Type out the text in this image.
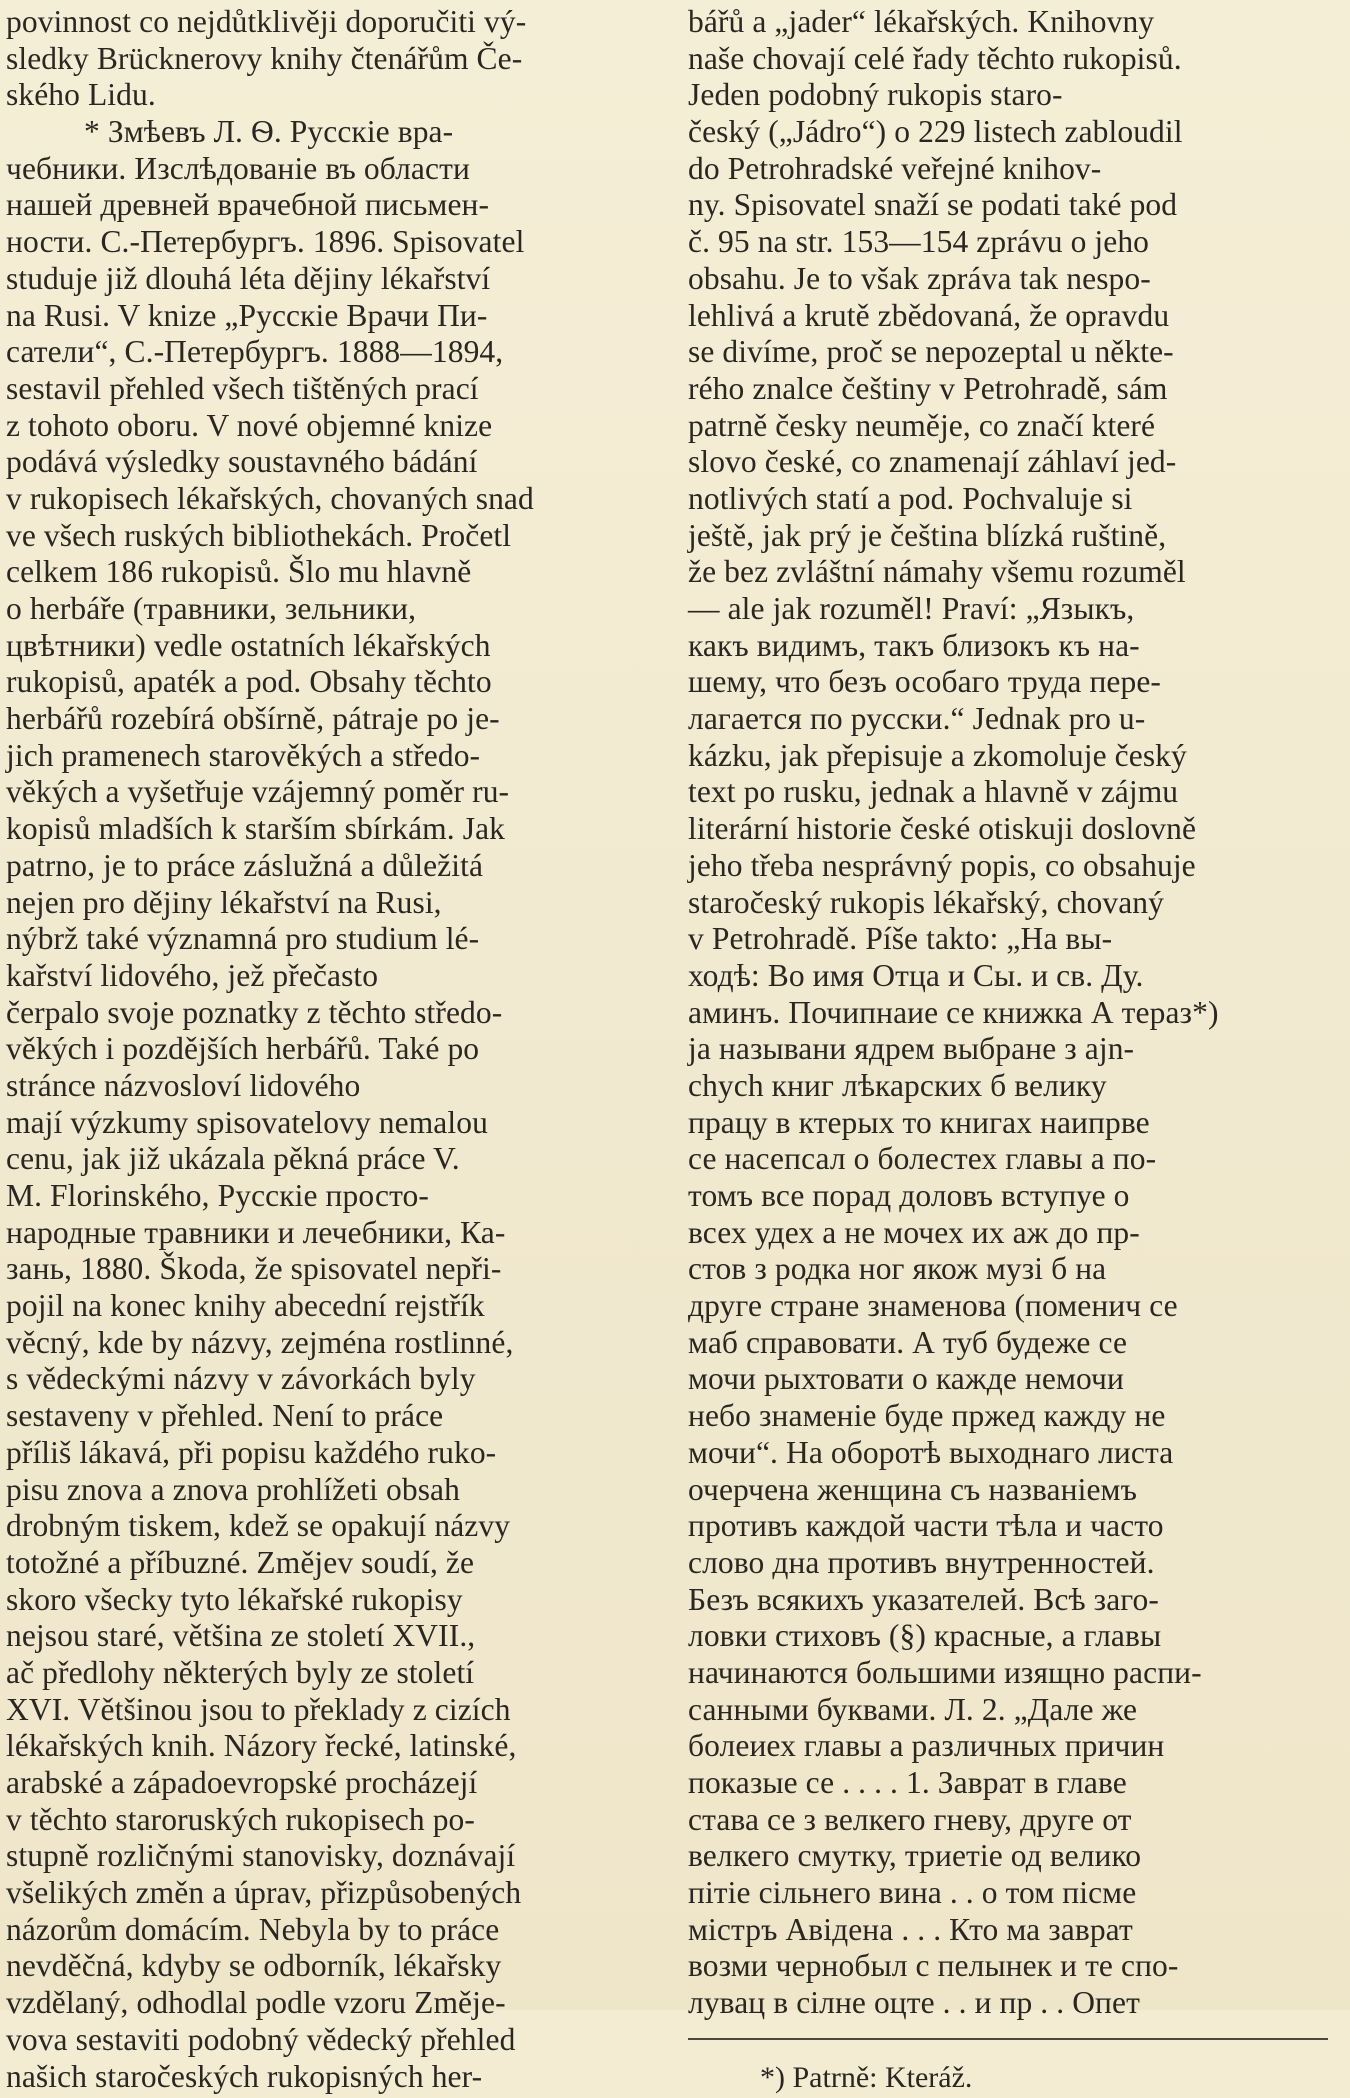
povinnost co nejdůtklivěji doporučiti vý-
sledky Brücknerovy knihy čtenářům Če-
ského Lidu.
* Змѣевъ Л. Ѳ. Русскіе вра-
чебники. Изслѣдованіе въ области
нашей древней врачебной письмен-
ности. С.-Петербургъ. 1896. Spisovatel
studuje již dlouhá léta dějiny lékařství
na Rusi. V knize „Русскіе Врачи Пи-
сатели“, С.-Петербургъ. 1888—1894,
sestavil přehled všech tištěných prací
z tohoto oboru. V nové objemné knize
podává výsledky soustavného bádání
v rukopisech lékařských, chovaných snad
ve všech ruských bibliothekách. Pročetl
celkem 186 rukopisů. Šlo mu hlavně
o herbáře (травники, зельники,
цвѣтники) vedle ostatních lékařských
rukopisů, apaték a pod. Obsahy těchto
herbářů rozebírá obšírně, pátraje po je-
jich pramenech starověkých a středo-
věkých a vyšetřuje vzájemný poměr ru-
kopisů mladších k starším sbírkám. Jak
patrno, je to práce záslužná a důležitá
nejen pro dějiny lékařství na Rusi,
nýbrž také významná pro studium lé-
kařství lidového, jež přečasto
čerpalo svoje poznatky z těchto středo-
věkých i pozdějších herbářů. Také po
stránce názvosloví lidového
mají výzkumy spisovatelovy nemalou
cenu, jak již ukázala pěkná práce V.
M. Florinského, Русскіе просто-
народные травники и лечебники, Ка-
зань, 1880. Škoda, že spisovatel nepři-
pojil na konec knihy abecední rejstřík
věcný, kde by názvy, zejména rostlinné,
s vědeckými názvy v závorkách byly
sestaveny v přehled. Není to práce
příliš lákavá, při popisu každého ruko-
pisu znova a znova prohlížeti obsah
drobným tiskem, kdež se opakují názvy
totožné a příbuzné. Změjev soudí, že
skoro všecky tyto lékařské rukopisy
nejsou staré, většina ze století XVII.,
ač předlohy některých byly ze století
XVI. Většinou jsou to překlady z cizích
lékařských knih. Názory řecké, latinské,
arabské a západoevropské procházejí
v těchto staroruských rukopisech po-
stupně rozličnými stanovisky, doznávají
všelikých změn a úprav, přizpůsobených
názorům domácím. Nebyla by to práce
nevděčná, kdyby se odborník, lékařsky
vzdělaný, odhodlal podle vzoru Změje-
vova sestaviti podobný vědecký přehled
našich staročeských rukopisných her-
bářů a „jader“ lékařských. Knihovny
naše chovají celé řady těchto rukopisů.
Jeden podobný rukopis staro-
český („Jádro“) o 229 listech zabloudil
do Petrohradské veřejné knihov-
ny. Spisovatel snaží se podati také pod
č. 95 na str. 153—154 zprávu o jeho
obsahu. Je to však zpráva tak nespo-
lehlivá a krutě zbědovaná, že opravdu
se divíme, proč se nepozeptal u někte-
rého znalce češtiny v Petrohradě, sám
patrně česky neuměje, co značí které
slovo české, co znamenají záhlaví jed-
notlivých statí a pod. Pochvaluje si
ještě, jak prý je čeština blízká ruštině,
že bez zvláštní námahy všemu rozuměl
— ale jak rozuměl! Praví: „Языкъ,
какъ видимъ, такъ близокъ къ на-
шему, что безъ особаго труда пере-
лагается по русски.“ Jednak pro u-
kázku, jak přepisuje a zkomoluje český
text po rusku, jednak a hlavně v zájmu
literární historie české otiskuji doslovně
jeho třeba nesprávný popis, co obsahuje
staročeský rukopis lékařský, chovaný
v Petrohradě. Píše takto: „На вы-
ходѣ: Во имя Отца и Сы. и св. Ду.
аминъ. Почипнаие се книжка А тераз*)
ја называни ядрем выбране з ajn-
chych книг лѣкарских б велику
працу в ктерых то книгах наипрве
се насепсал о болестех главы а по-
томъ все порад доловъ вступуе о
всех удех а не мочех их аж до пр-
стов з родка ног якож музі б на
друге стране знаменова (поменич се
маб справовати. А туб будеже се
мочи рыхтовати о кажде немочи
небо знаменіе буде пржед кажду не
мочи“. На оборотѣ выходнаго листа
очерчена женщина съ названіемъ
противъ каждой части тѣла и часто
слово дна противъ внутренностей.
Безъ всякихъ указателей. Всѣ заго-
ловки стиховъ (§) красные, а главы
начинаются большими изящно распи-
санными буквами. Л. 2. „Дале же
болеиех главы а различных причин
показые се . . . . 1. Заврат в главе
става се з велкего гневу, друге от
велкего смутку, триетіе од велико
пітіе сільнего вина . . о том пісме
містръ Авідена . . . Кто ма заврат
возми чернобыл с пелынек и те спо-
лувац в сілне оцте . . и пр . . Опет
*) Patrně: Kteráž.
